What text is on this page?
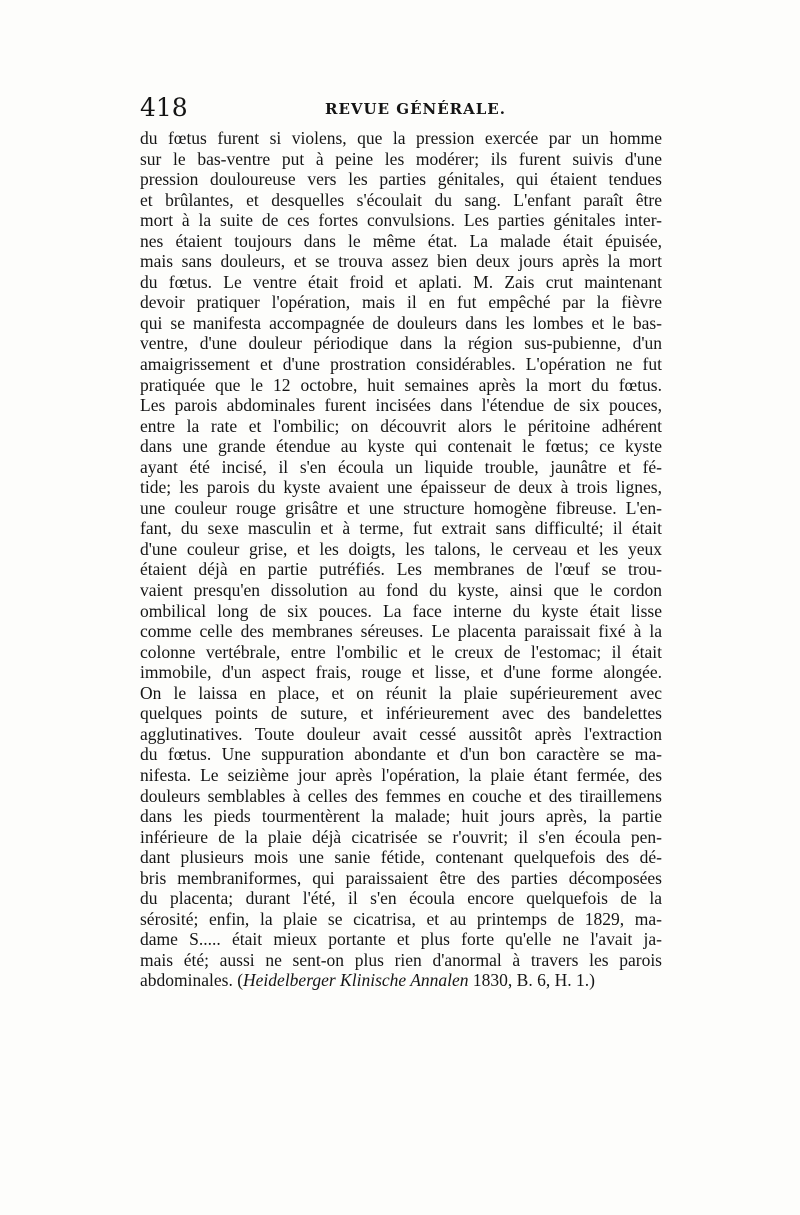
418	REVUE GÉNÉRALE.
du fœtus furent si violens, que la pression exercée par un homme
sur le bas-ventre put à peine les modérer; ils furent suivis d'une
pression douloureuse vers les parties génitales, qui étaient tendues
et brûlantes, et desquelles s'écoulait du sang. L'enfant paraît être
mort à la suite de ces fortes convulsions. Les parties génitales inter-
nes étaient toujours dans le même état. La malade était épuisée,
mais sans douleurs, et se trouva assez bien deux jours après la mort
du fœtus. Le ventre était froid et aplati. M. Zais crut maintenant
devoir pratiquer l'opération, mais il en fut empêché par la fièvre
qui se manifesta accompagnée de douleurs dans les lombes et le bas-
ventre, d'une douleur périodique dans la région sus-pubienne, d'un
amaigrissement et d'une prostration considérables. L'opération ne fut
pratiquée que le 12 octobre, huit semaines après la mort du fœtus.
Les parois abdominales furent incisées dans l'étendue de six pouces,
entre la rate et l'ombilic; on découvrit alors le péritoine adhérent
dans une grande étendue au kyste qui contenait le fœtus; ce kyste
ayant été incisé, il s'en écoula un liquide trouble, jaunâtre et fé-
tide; les parois du kyste avaient une épaisseur de deux à trois lignes,
une couleur rouge grisâtre et une structure homogène fibreuse. L'en-
fant, du sexe masculin et à terme, fut extrait sans difficulté; il était
d'une couleur grise, et les doigts, les talons, le cerveau et les yeux
étaient déjà en partie putréfiés. Les membranes de l'œuf se trou-
vaient presqu'en dissolution au fond du kyste, ainsi que le cordon
ombilical long de six pouces. La face interne du kyste était lisse
comme celle des membranes séreuses. Le placenta paraissait fixé à la
colonne vertébrale, entre l'ombilic et le creux de l'estomac; il était
immobile, d'un aspect frais, rouge et lisse, et d'une forme alongée.
On le laissa en place, et on réunit la plaie supérieurement avec
quelques points de suture, et inférieurement avec des bandelettes
agglutinatives. Toute douleur avait cessé aussitôt après l'extraction
du fœtus. Une suppuration abondante et d'un bon caractère se ma-
nifesta. Le seizième jour après l'opération, la plaie étant fermée, des
douleurs semblables à celles des femmes en couche et des tiraillemens
dans les pieds tourmentèrent la malade; huit jours après, la partie
inférieure de la plaie déjà cicatrisée se r'ouvrit; il s'en écoula pen-
dant plusieurs mois une sanie fétide, contenant quelquefois des dé-
bris membraniformes, qui paraissaient être des parties décomposées
du placenta; durant l'été, il s'en écoula encore quelquefois de la
sérosité; enfin, la plaie se cicatrisa, et au printemps de 1829, ma-
dame S..... était mieux portante et plus forte qu'elle ne l'avait ja-
mais été; aussi ne sent-on plus rien d'anormal à travers les parois
abdominales. (Heidelberger Klinische Annalen 1830, B. 6, H. 1.)
